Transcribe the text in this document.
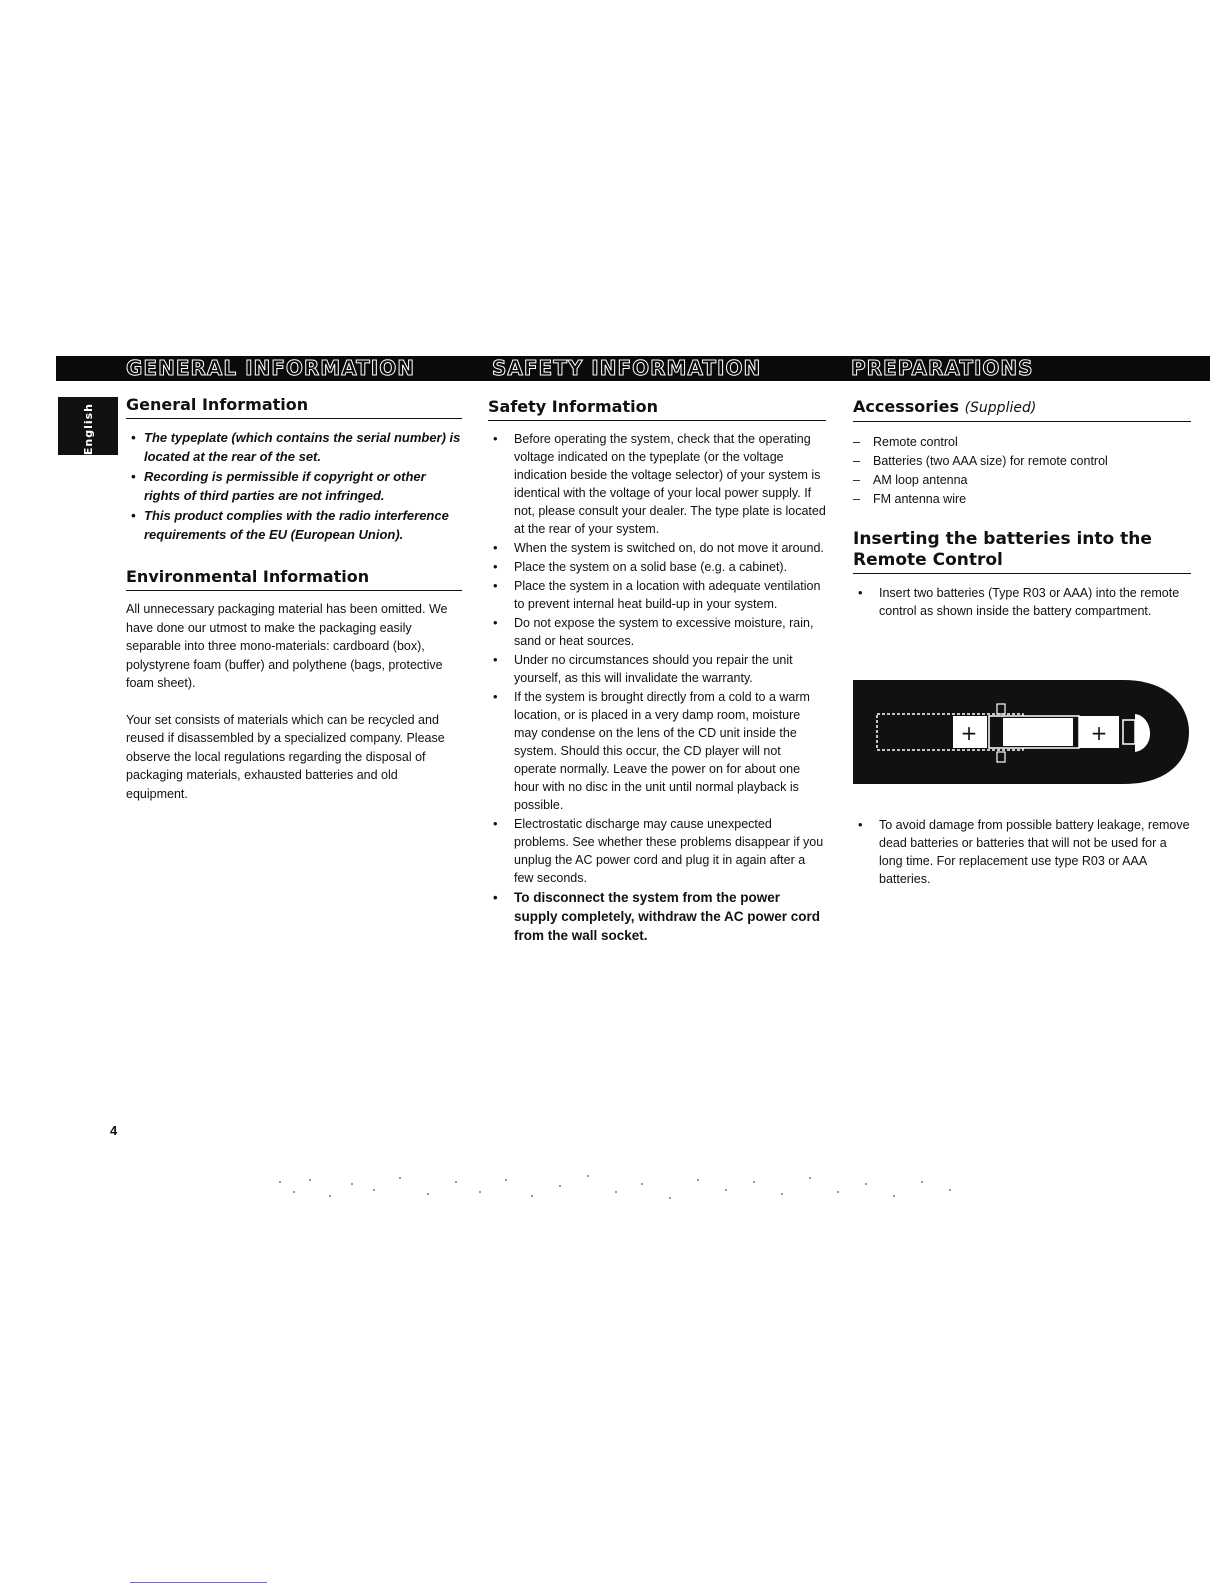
GENERAL INFORMATION	SAFETY INFORMATION	PREPARATIONS
English General Information
• The typeplate (which contains the serial number) is located at the rear of the set.
• Recording is permissible if copyright or other rights of third parties are not infringed.
• This product complies with the radio interference requirements of the EU (European Union).
Environmental Information

All unnecessary packaging material has been omitted. We have done our utmost to make the packaging easily separable into three mono-materials: cardboard (box), polystyrene foam (buffer) and polythene (bags, protective foam sheet).

Your set consists of materials which can be recycled and reused if disassembled by a specialized company. Please observe the local regulations regarding the disposal of packaging materials, exhausted batteries and old equipment.

Safety Information
• Before operating the system, check that the operating voltage indicated on the typeplate (or the voltage indication beside the voltage selector) of your system is identical with the voltage of your local power supply. If not, please consult your dealer. The type plate is located at the rear of your system.
• When the system is switched on, do not move it around.
• Place the system on a solid base (e.g. a cabinet).
• Place the system in a location with adequate ventilation to prevent internal heat build-up in your system.
• Do not expose the system to excessive moisture, rain, sand or heat sources.
• Under no circumstances should you repair the unit yourself, as this will invalidate the warranty.
• If the system is brought directly from a cold to a warm location, or is placed in a very damp room, moisture may condense on the lens of the CD unit inside the system. Should this occur, the CD player will not operate normally. Leave the power on for about one hour with no disc in the unit until normal playback is possible.
• Electrostatic discharge may cause unexpected problems. See whether these problems disappear if you unplug the AC power cord and plug it in again after a few seconds.
• To disconnect the system from the power supply completely, withdraw the AC power cord from the wall socket.
Accessories (Supplied)
– Remote control
– Batteries (two AAA size) for remote control
– AM loop antenna
– FM antenna wire
Inserting the batteries into the Remote Control
• Insert two batteries (Type R03 or AAA) into the remote control as shown inside the battery compartment.
+	+
• To avoid damage from possible battery leakage, remove dead batteries or batteries that will not be used for a long time. For replacement use type R03 or AAA batteries.
4
